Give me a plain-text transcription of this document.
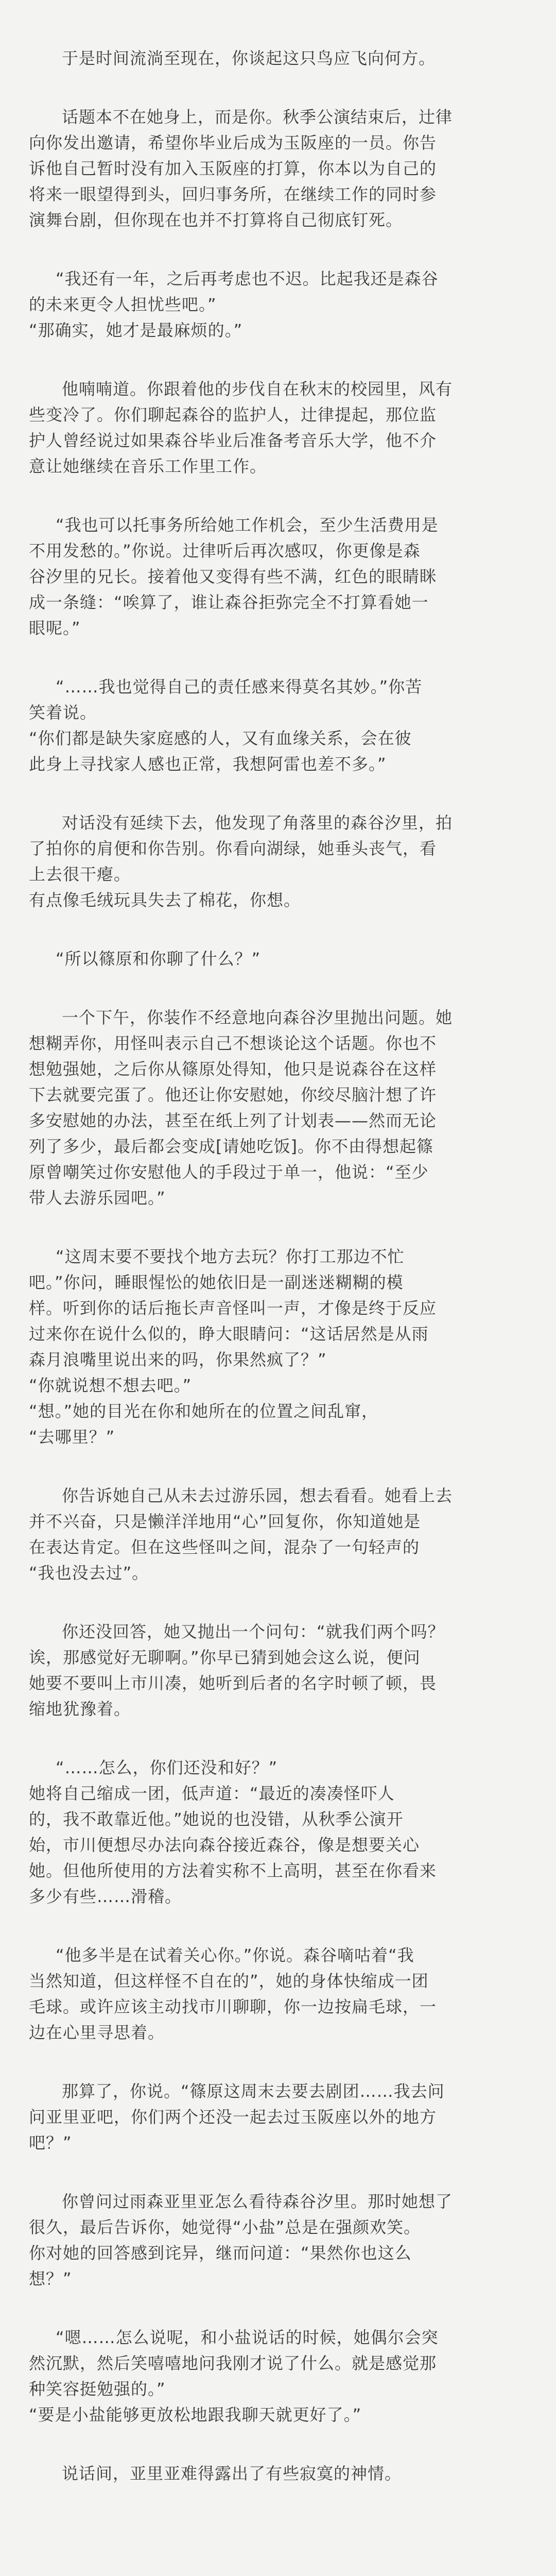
于是时间流淌至现在，你谈起这只鸟应飞向何方。
话题本不在她身上，而是你。秋季公演结束后，辻律
向你发出邀请，希望你毕业后成为玉阪座的一员。你告
诉他自己暂时没有加入玉阪座的打算，你本以为自己的
将来一眼望得到头，回归事务所，在继续工作的同时参
演舞台剧，但你现在也并不打算将自己彻底钉死。
“我还有一年，之后再考虑也不迟。比起我还是森谷
的未来更令人担忧些吧。”
“那确实，她才是最麻烦的。”
他喃喃道。你跟着他的步伐自在秋末的校园里，风有
些变冷了。你们聊起森谷的监护人，辻律提起，那位监
护人曾经说过如果森谷毕业后准备考音乐大学，他不介
意让她继续在音乐工作里工作。
“我也可以托事务所给她工作机会，至少生活费用是
不用发愁的。”你说。辻律听后再次感叹，你更像是森
谷汐里的兄长。接着他又变得有些不满，红色的眼睛眯
成一条缝：“唉算了，谁让森谷拒弥完全不打算看她一
眼呢。”
“……我也觉得自己的责任感来得莫名其妙。”你苦
笑着说。
“你们都是缺失家庭感的人，又有血缘关系，会在彼
此身上寻找家人感也正常，我想阿雷也差不多。”
对话没有延续下去，他发现了角落里的森谷汐里，拍
了拍你的肩便和你告别。你看向湖绿，她垂头丧气，看
上去很干瘪。
有点像毛绒玩具失去了棉花，你想。
“所以篠原和你聊了什么？”
一个下午，你装作不经意地向森谷汐里抛出问题。她
想糊弄你，用怪叫表示自己不想谈论这个话题。你也不
想勉强她，之后你从篠原处得知，他只是说森谷在这样
下去就要完蛋了。他还让你安慰她，你绞尽脑汁想了许
多安慰她的办法，甚至在纸上列了计划表——然而无论
列了多少，最后都会变成[请她吃饭]。你不由得想起篠
原曾嘲笑过你安慰他人的手段过于单一，他说：“至少
带人去游乐园吧。”
“这周末要不要找个地方去玩？你打工那边不忙
吧。”你问，睡眼惺忪的她依旧是一副迷迷糊糊的模
样。听到你的话后拖长声音怪叫一声，才像是终于反应
过来你在说什么似的，睁大眼睛问：“这话居然是从雨
森月浪嘴里说出来的吗，你果然疯了？”
“你就说想不想去吧。”
“想。”她的目光在你和她所在的位置之间乱窜，
“去哪里？”
你告诉她自己从未去过游乐园，想去看看。她看上去
并不兴奋，只是懒洋洋地用“心”回复你，你知道她是
在表达肯定。但在这些怪叫之间，混杂了一句轻声的
“我也没去过”。
你还没回答，她又抛出一个问句：“就我们两个吗？
诶，那感觉好无聊啊。”你早已猜到她会这么说，便问
她要不要叫上市川凑，她听到后者的名字时顿了顿，畏
缩地犹豫着。
“……怎么，你们还没和好？”
她将自己缩成一团，低声道：“最近的凑凑怪吓人
的，我不敢靠近他。”她说的也没错，从秋季公演开
始，市川便想尽办法向森谷接近森谷，像是想要关心
她。但他所使用的方法着实称不上高明，甚至在你看来
多少有些……滑稽。
“他多半是在试着关心你。”你说。森谷嘀咕着“我
当然知道，但这样怪不自在的”，她的身体快缩成一团
毛球。或许应该主动找市川聊聊，你一边按扁毛球，一
边在心里寻思着。
那算了，你说。“篠原这周末去要去剧团……我去问
问亚里亚吧，你们两个还没一起去过玉阪座以外的地方
吧？”
你曾问过雨森亚里亚怎么看待森谷汐里。那时她想了
很久，最后告诉你，她觉得“小盐”总是在强颜欢笑。
你对她的回答感到诧异，继而问道：“果然你也这么
想？”
“嗯……怎么说呢，和小盐说话的时候，她偶尔会突
然沉默，然后笑嘻嘻地问我刚才说了什么。就是感觉那
种笑容挺勉强的。”
“要是小盐能够更放松地跟我聊天就更好了。”
说话间，亚里亚难得露出了有些寂寞的神情。
